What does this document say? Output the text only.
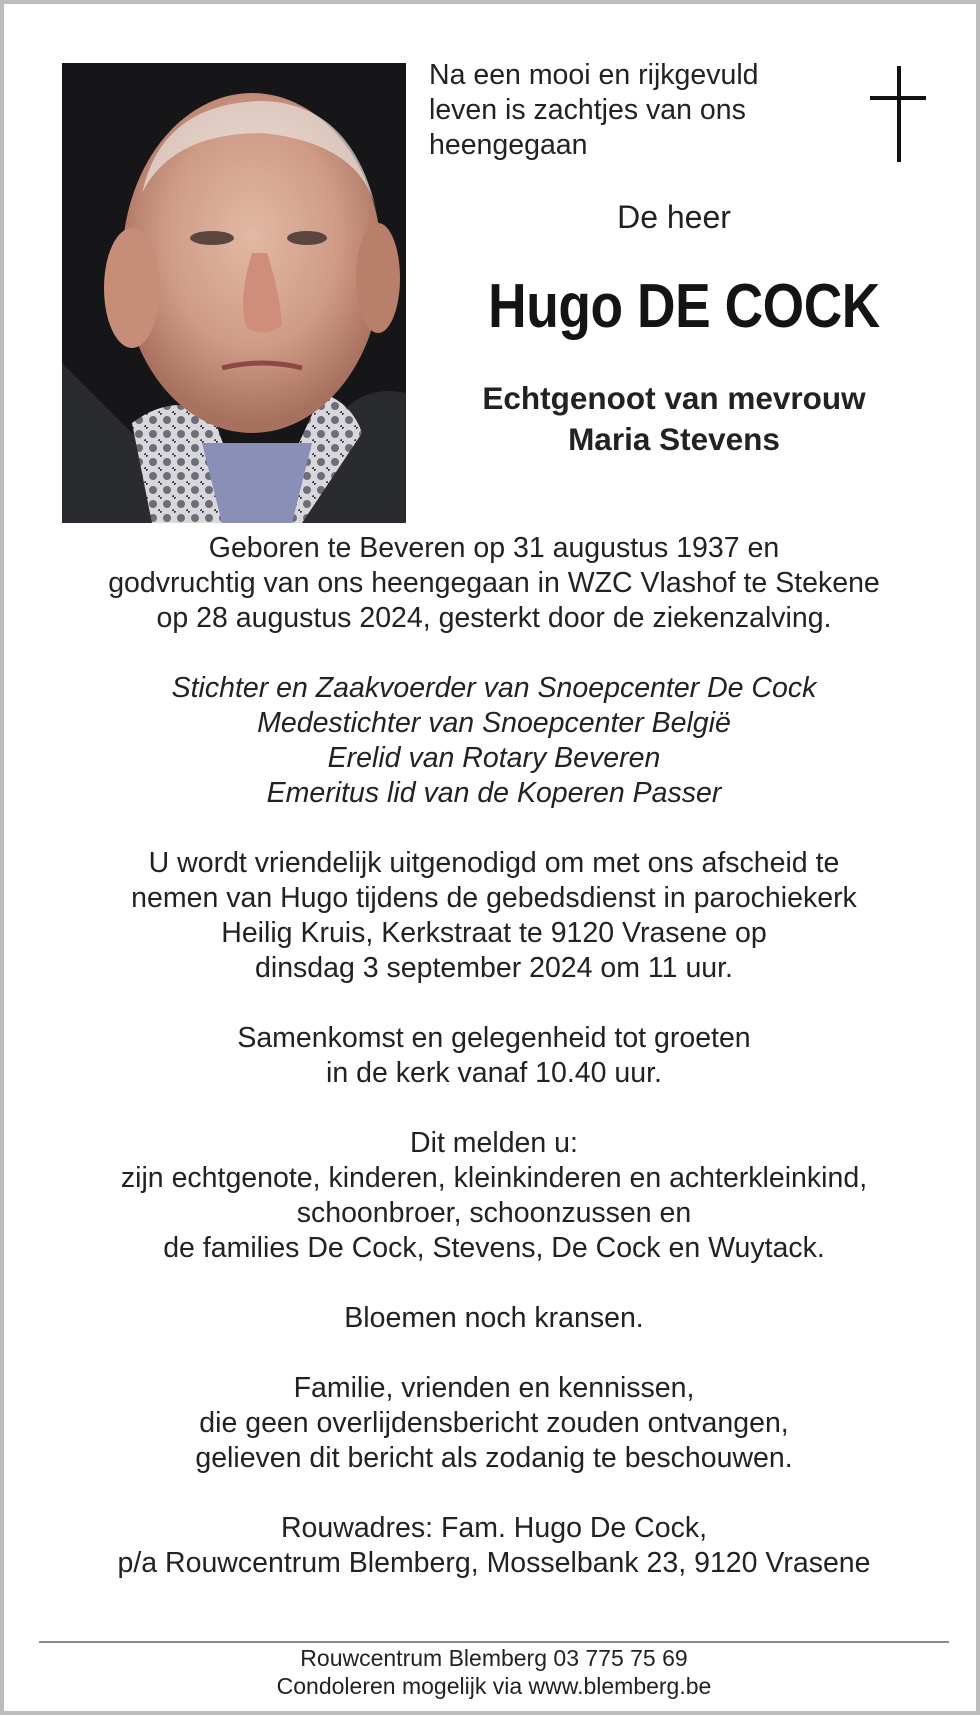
Na een mooi en rijkgevuld
leven is zachtjes van ons
heengegaan
De heer
Hugo DE COCK
Echtgenoot van mevrouw
Maria Stevens

Geboren te Beveren op 31 augustus 1937 en
godvruchtig van ons heengegaan in WZC Vlashof te Stekene
op 28 augustus 2024, gesterkt door de ziekenzalving.

Stichter en Zaakvoerder van Snoepcenter De Cock
Medestichter van Snoepcenter België
Erelid van Rotary Beveren
Emeritus lid van de Koperen Passer

U wordt vriendelijk uitgenodigd om met ons afscheid te
nemen van Hugo tijdens de gebedsdienst in parochiekerk
Heilig Kruis, Kerkstraat te 9120 Vrasene op
dinsdag 3 september 2024 om 11 uur.

Samenkomst en gelegenheid tot groeten
in de kerk vanaf 10.40 uur.

Dit melden u:
zijn echtgenote, kinderen, kleinkinderen en achterkleinkind,
schoonbroer, schoonzussen en
de families De Cock, Stevens, De Cock en Wuytack.

Bloemen noch kransen.

Familie, vrienden en kennissen,
die geen overlijdensbericht zouden ontvangen,
gelieven dit bericht als zodanig te beschouwen.

Rouwadres: Fam. Hugo De Cock,
p/a Rouwcentrum Blemberg, Mosselbank 23, 9120 Vrasene

Rouwcentrum Blemberg 03 775 75 69
Condoleren mogelijk via www.blemberg.be
